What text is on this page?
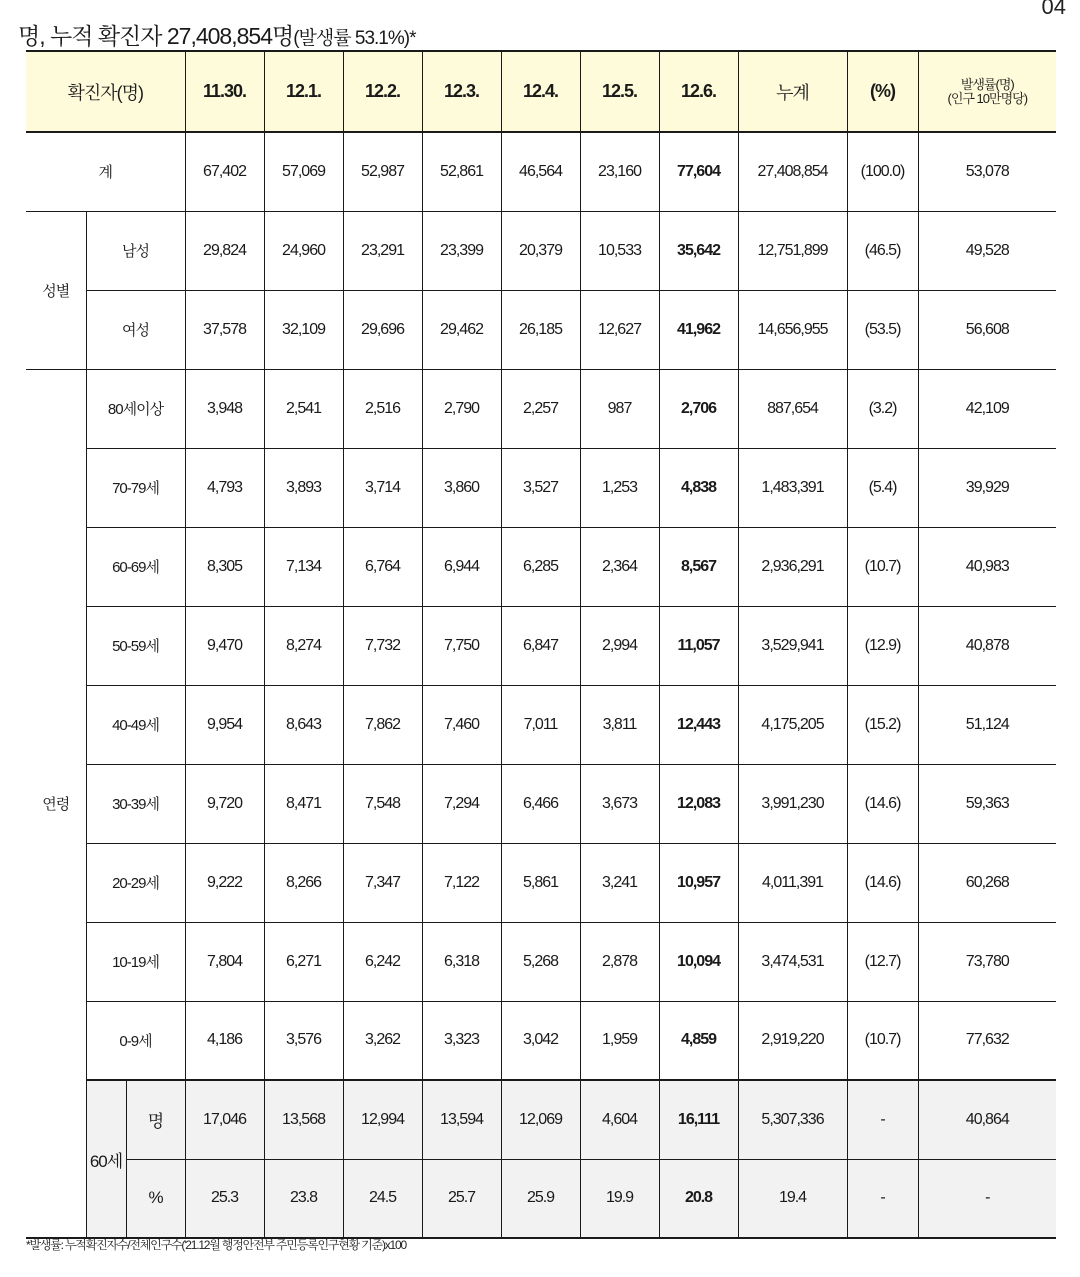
04
명, 누적 확진자 27,408,854명(발생률 53.1%)*
확진자(명)			11.30.	12.1.	12.2.	12.3.	12.4.	12.5.	12.6.	누계	(%)	발생률(명)
(인구 10만명당)
계			67,402	57,069	52,987	52,861	46,564	23,160	77,604	27,408,854	(100.0)	53,078
성별	남성		29,824	24,960	23,291	23,399	20,379	10,533	35,642	12,751,899	(46.5)	49,528
	여성		37,578	32,109	29,696	29,462	26,185	12,627	41,962	14,656,955	(53.5)	56,608
연령	80세이상		3,948	2,541	2,516	2,790	2,257	987	2,706	887,654	(3.2)	42,109
	70-79세		4,793	3,893	3,714	3,860	3,527	1,253	4,838	1,483,391	(5.4)	39,929
	60-69세		8,305	7,134	6,764	6,944	6,285	2,364	8,567	2,936,291	(10.7)	40,983
	50-59세		9,470	8,274	7,732	7,750	6,847	2,994	11,057	3,529,941	(12.9)	40,878
	40-49세		9,954	8,643	7,862	7,460	7,011	3,811	12,443	4,175,205	(15.2)	51,124
	30-39세		9,720	8,471	7,548	7,294	6,466	3,673	12,083	3,991,230	(14.6)	59,363
	20-29세		9,222	8,266	7,347	7,122	5,861	3,241	10,957	4,011,391	(14.6)	60,268
	10-19세		7,804	6,271	6,242	6,318	5,268	2,878	10,094	3,474,531	(12.7)	73,780
	0-9세		4,186	3,576	3,262	3,323	3,042	1,959	4,859	2,919,220	(10.7)	77,632
	60세	명	17,046	13,568	12,994	13,594	12,069	4,604	16,111	5,307,336	-	40,864
		%	25.3	23.8	24.5	25.7	25.9	19.9	20.8	19.4	-	-
*발생률: 누적확진자수/전체인구수('21.12월 행정안전부 주민등록인구현황 기준)x100
